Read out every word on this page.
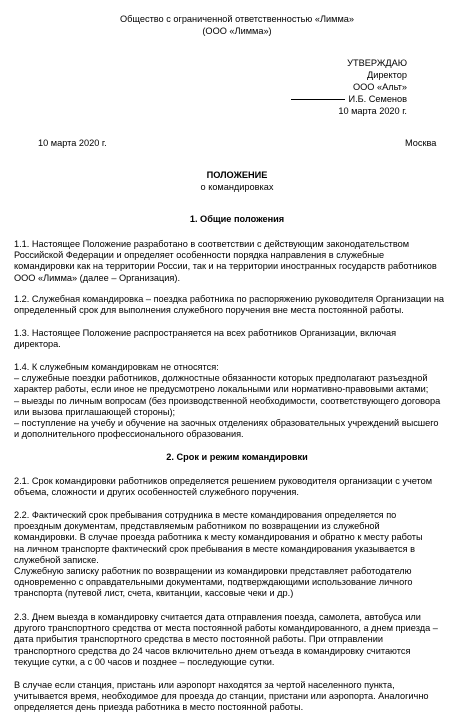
Общество с ограниченной ответственностью «Лимма»
(ООО «Лимма»)
УТВЕРЖДАЮ
Директор
ООО «Альт»
И.Б. Семенов
10 марта 2020 г.
10 марта 2020 г.	Москва
ПОЛОЖЕНИЕ
о командировках
1. Общие положения
1.1. Настоящее Положение разработано в соответствии с действующим законодательством
Российской Федерации и определяет особенности порядка направления в служебные
командировки как на территории России, так и на территории иностранных государств работников
ООО «Лимма» (далее – Организация).
1.2. Служебная командировка – поездка работника по распоряжению руководителя Организации на
определенный срок для выполнения служебного поручения вне места постоянной работы.
1.3. Настоящее Положение распространяется на всех работников Организации, включая
директора.
1.4. К служебным командировкам не относятся:
– служебные поездки работников, должностные обязанности которых предполагают разъездной
характер работы, если иное не предусмотрено локальными или нормативно-правовыми актами;
– выезды по личным вопросам (без производственной необходимости, соответствующего договора
или вызова приглашающей стороны);
– поступление на учебу и обучение на заочных отделениях образовательных учреждений высшего
и дополнительного профессионального образования.
2. Срок и режим командировки
2.1. Срок командировки работников определяется решением руководителя организации с учетом
объема, сложности и других особенностей служебного поручения.
2.2. Фактический срок пребывания сотрудника в месте командирования определяется по
проездным документам, представляемым работником по возвращении из служебной
командировки. В случае проезда работника к месту командирования и обратно к месту работы
на личном транспорте фактический срок пребывания в месте командирования указывается в
служебной записке.
Служебную записку работник по возвращении из командировки представляет работодателю
одновременно с оправдательными документами, подтверждающими использование личного
транспорта (путевой лист, счета, квитанции, кассовые чеки и др.)
2.3. Днем выезда в командировку считается дата отправления поезда, самолета, автобуса или
другого транспортного средства от места постоянной работы командированного, а днем приезда –
дата прибытия транспортного средства в место постоянной работы. При отправлении
транспортного средства до 24 часов включительно днем отъезда в командировку считаются
текущие сутки, а с 00 часов и позднее – последующие сутки.
В случае если станция, пристань или аэропорт находятся за чертой населенного пункта,
учитывается время, необходимое для проезда до станции, пристани или аэропорта. Аналогично
определяется день приезда работника в место постоянной работы.
